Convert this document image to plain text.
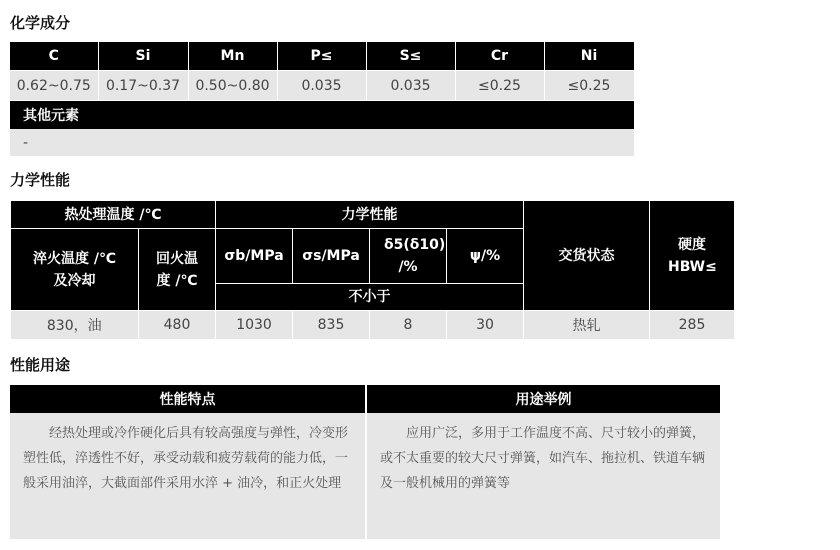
化学成分
C	Si	Mn	P≤	S≤	Cr	Ni
0.62~0.75	0.17~0.37	0.50~0.80	0.035	0.035	≤0.25	≤0.25
其他元素						
-						
力学性能
热处理温度 /℃		力学性能				交货状态	硬度 HBW≤
淬火温度 /℃ 及冷却	回火温度 /℃	σb/MPa	σs/MPa	δ5(δ10) /%	ψ/%		
		不小于					
830，油	480	1030	835	8	30	热轧	285
性能用途
性能特点	用途举例

经热处理或冷作硬化后具有较高强度与弹性，冷变形塑性低，淬透性不好，承受动载和疲劳载荷的能力低，一般采用油淬，大截面部件采用水淬 + 油冷，和正火处理	应用广泛，多用于工作温度不高、尺寸较小的弹簧，或不太重要的较大尺寸弹簧，如汽车、拖拉机、铁道车辆及一般机械用的弹簧等
